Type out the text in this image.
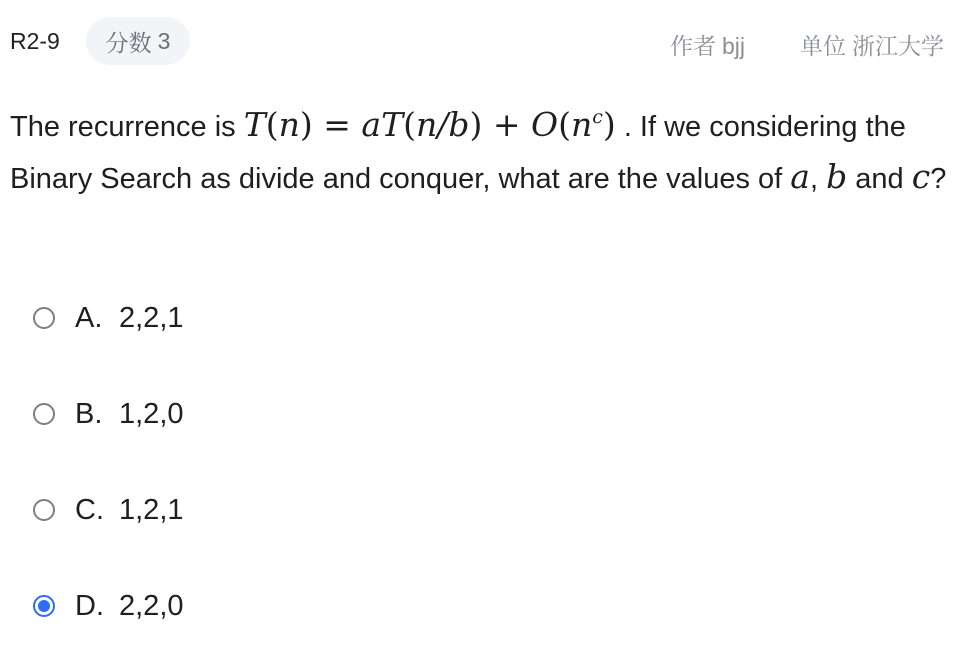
R2-9 分数 3	作者 bjj 单位 浙江大学
The recurrence is $T(n) = aT(n/b) + O(n^c)$ . If we considering the Binary Search as divide and conquer, what are the values of a, b and c?
A. 2,2,1
B. 1,2,0
C. 1,2,1
D. 2,2,0
